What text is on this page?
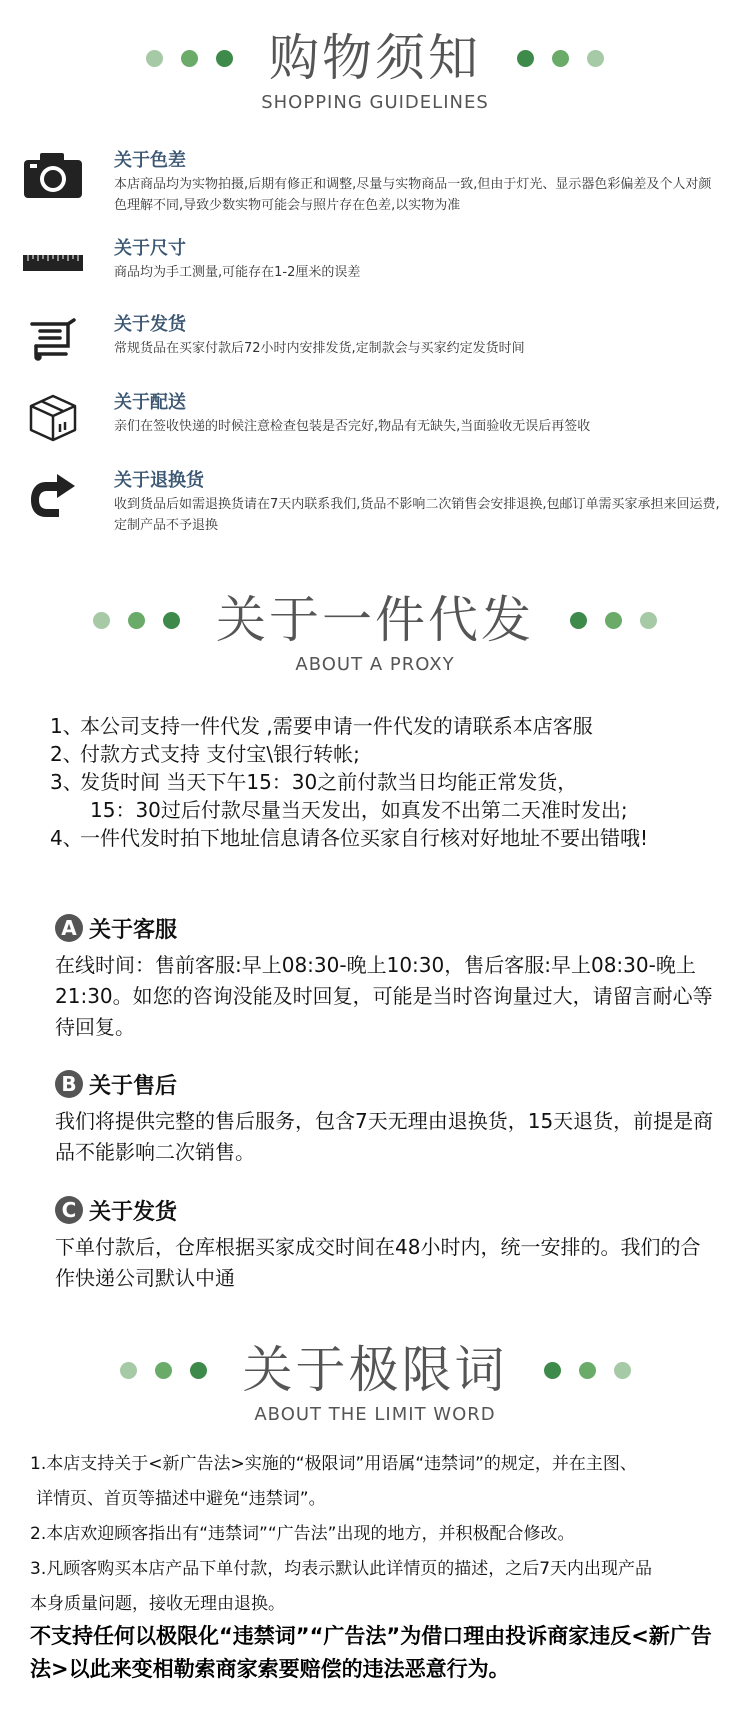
购物须知
SHOPPING GUIDELINES
关于色差
本店商品均为实物拍摄,后期有修正和调整,尽量与实物商品一致,但由于灯光、显示器色彩偏差及个人对颜色理解不同,导致少数实物可能会与照片存在色差,以实物为准
关于尺寸
商品均为手工测量,可能存在1-2厘米的误差
关于发货
常规货品在买家付款后72小时内安排发货,定制款会与买家约定发货时间
关于配送
亲们在签收快递的时候注意检查包装是否完好,物品有无缺失,当面验收无误后再签收
关于退换货
收到货品后如需退换货请在7天内联系我们,货品不影响二次销售会安排退换,包邮订单需买家承担来回运费,定制产品不予退换
关于一件代发
ABOUT A PROXY
1、
本公司支持一件代发 ,需要申请一件代发的请联系本店客服
2、
付款方式支持 支付宝\银行转帐;
3、
发货时间 当天下午15：30之前付款当日均能正常发货，
15：30过后付款尽量当天发出，如真发不出第二天准时发出;
4、
一件代发时拍下地址信息请各位买家自行核对好地址不要出错哦!
A 关于客服
在线时间：售前客服:早上08:30-晚上10:30，售后客服:早上08:30-晚上21:30。如您的咨询没能及时回复，可能是当时咨询量过大，请留言耐心等待回复。
B 关于售后
我们将提供完整的售后服务，包含7天无理由退换货，15天退货，前提是商品不能影响二次销售。
C 关于发货
下单付款后，仓库根据买家成交时间在48小时内，统一安排的。我们的合作快递公司默认中通
关于极限词
ABOUT THE LIMIT WORD
1.本店支持关于<新广告法>实施的“极限词”用语属“违禁词”的规定，并在主图、
详情页、首页等描述中避免“违禁词”。
2.本店欢迎顾客指出有“违禁词”“广告法”出现的地方，并积极配合修改。
3.凡顾客购买本店产品下单付款，均表示默认此详情页的描述，之后7天内出现产品
本身质量问题，接收无理由退换。
不支持任何以极限化“违禁词”“广告法”为借口理由投诉商家违反<新广告法>以此来变相勒索商家索要赔偿的违法恶意行为。
